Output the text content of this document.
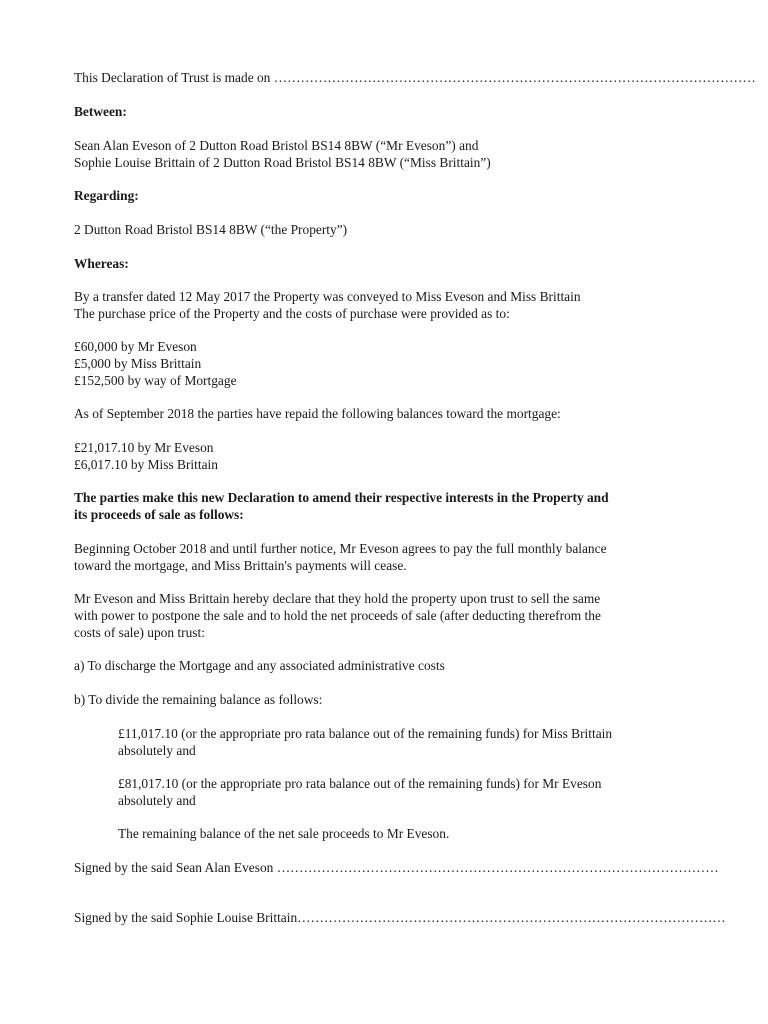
This Declaration of Trust is made on ………………………………………………………………………………………………
Between:
Sean Alan Eveson of 2 Dutton Road Bristol BS14 8BW (“Mr Eveson”) and
Sophie Louise Brittain of 2 Dutton Road Bristol BS14 8BW (“Miss Brittain”)
Regarding:
2 Dutton Road Bristol BS14 8BW (“the Property”)
Whereas:
By a transfer dated 12 May 2017 the Property was conveyed to Miss Eveson and Miss Brittain
The purchase price of the Property and the costs of purchase were provided as to:
£60,000 by Mr Eveson
£5,000 by Miss Brittain
£152,500 by way of Mortgage
As of September 2018 the parties have repaid the following balances toward the mortgage:
£21,017.10 by Mr Eveson
£6,017.10 by Miss Brittain
The parties make this new Declaration to amend their respective interests in the Property and
its proceeds of sale as follows:
Beginning October 2018 and until further notice, Mr Eveson agrees to pay the full monthly balance
toward the mortgage, and Miss Brittain's payments will cease.
Mr Eveson and Miss Brittain hereby declare that they hold the property upon trust to sell the same
with power to postpone the sale and to hold the net proceeds of sale (after deducting therefrom the
costs of sale) upon trust:
a) To discharge the Mortgage and any associated administrative costs
b) To divide the remaining balance as follows:
£11,017.10 (or the appropriate pro rata balance out of the remaining funds) for Miss Brittain
absolutely and
£81,017.10 (or the appropriate pro rata balance out of the remaining funds) for Mr Eveson
absolutely and
The remaining balance of the net sale proceeds to Mr Eveson.
Signed by the said Sean Alan Eveson ………………………………………………………………………………………
Signed by the said Sophie Louise Brittain……………………………………………………………………………………
